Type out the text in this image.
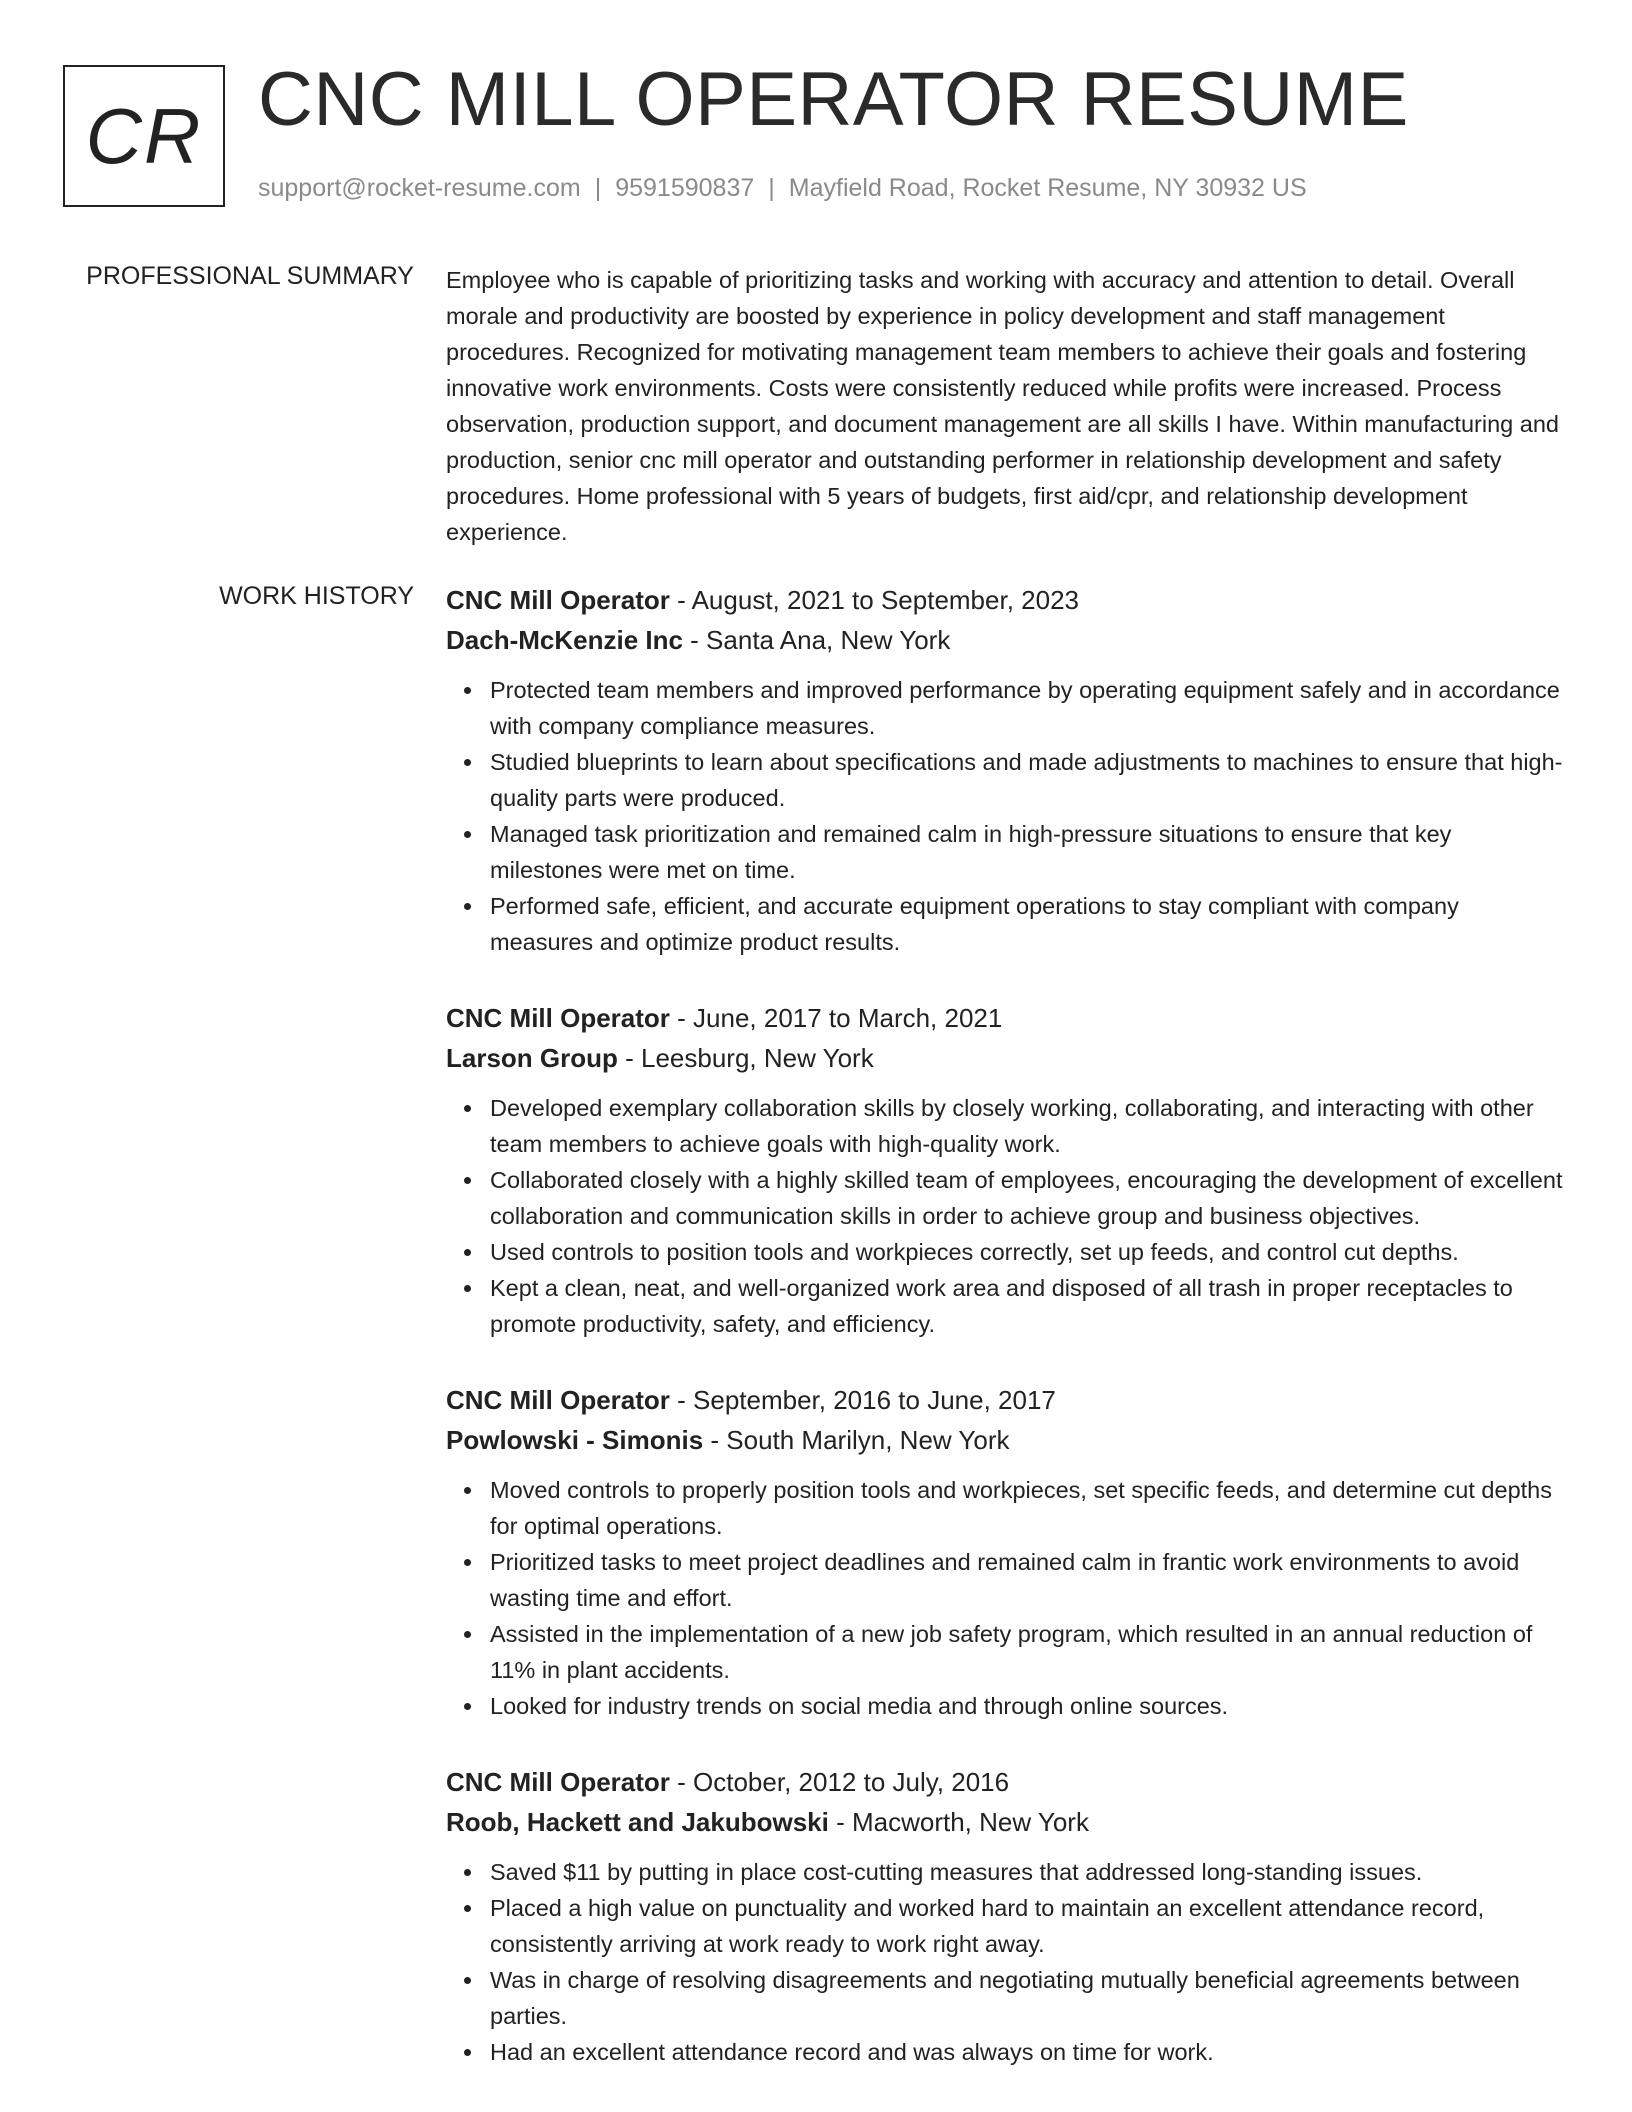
CR CNC MILL OPERATOR RESUME
support@rocket-resume.com | 9591590837 | Mayfield Road, Rocket Resume, NY 30932 US
PROFESSIONAL SUMMARY Employee who is capable of prioritizing tasks and working with accuracy and attention to detail. Overall morale and productivity are boosted by experience in policy development and staff management procedures. Recognized for motivating management team members to achieve their goals and fostering innovative work environments. Costs were consistently reduced while profits were increased. Process observation, production support, and document management are all skills I have. Within manufacturing and production, senior cnc mill operator and outstanding performer in relationship development and safety procedures. Home professional with 5 years of budgets, first aid/cpr, and relationship development experience.

WORK HISTORY CNC Mill Operator - August, 2021 to September, 2023
Dach-McKenzie Inc - Santa Ana, New York
Protected team members and improved performance by operating equipment safely and in accordance with company compliance measures.
Studied blueprints to learn about specifications and made adjustments to machines to ensure that high-quality parts were produced.
Managed task prioritization and remained calm in high-pressure situations to ensure that key milestones were met on time.
Performed safe, efficient, and accurate equipment operations to stay compliant with company measures and optimize product results.
CNC Mill Operator - June, 2017 to March, 2021
Larson Group - Leesburg, New York
Developed exemplary collaboration skills by closely working, collaborating, and interacting with other team members to achieve goals with high-quality work.
Collaborated closely with a highly skilled team of employees, encouraging the development of excellent collaboration and communication skills in order to achieve group and business objectives.
Used controls to position tools and workpieces correctly, set up feeds, and control cut depths.
Kept a clean, neat, and well-organized work area and disposed of all trash in proper receptacles to promote productivity, safety, and efficiency.
CNC Mill Operator - September, 2016 to June, 2017
Powlowski - Simonis - South Marilyn, New York
Moved controls to properly position tools and workpieces, set specific feeds, and determine cut depths for optimal operations.
Prioritized tasks to meet project deadlines and remained calm in frantic work environments to avoid wasting time and effort.
Assisted in the implementation of a new job safety program, which resulted in an annual reduction of 11% in plant accidents.
Looked for industry trends on social media and through online sources.
CNC Mill Operator - October, 2012 to July, 2016
Roob, Hackett and Jakubowski - Macworth, New York
Saved $11 by putting in place cost-cutting measures that addressed long-standing issues.
Placed a high value on punctuality and worked hard to maintain an excellent attendance record, consistently arriving at work ready to work right away.
Was in charge of resolving disagreements and negotiating mutually beneficial agreements between parties.
Had an excellent attendance record and was always on time for work.
